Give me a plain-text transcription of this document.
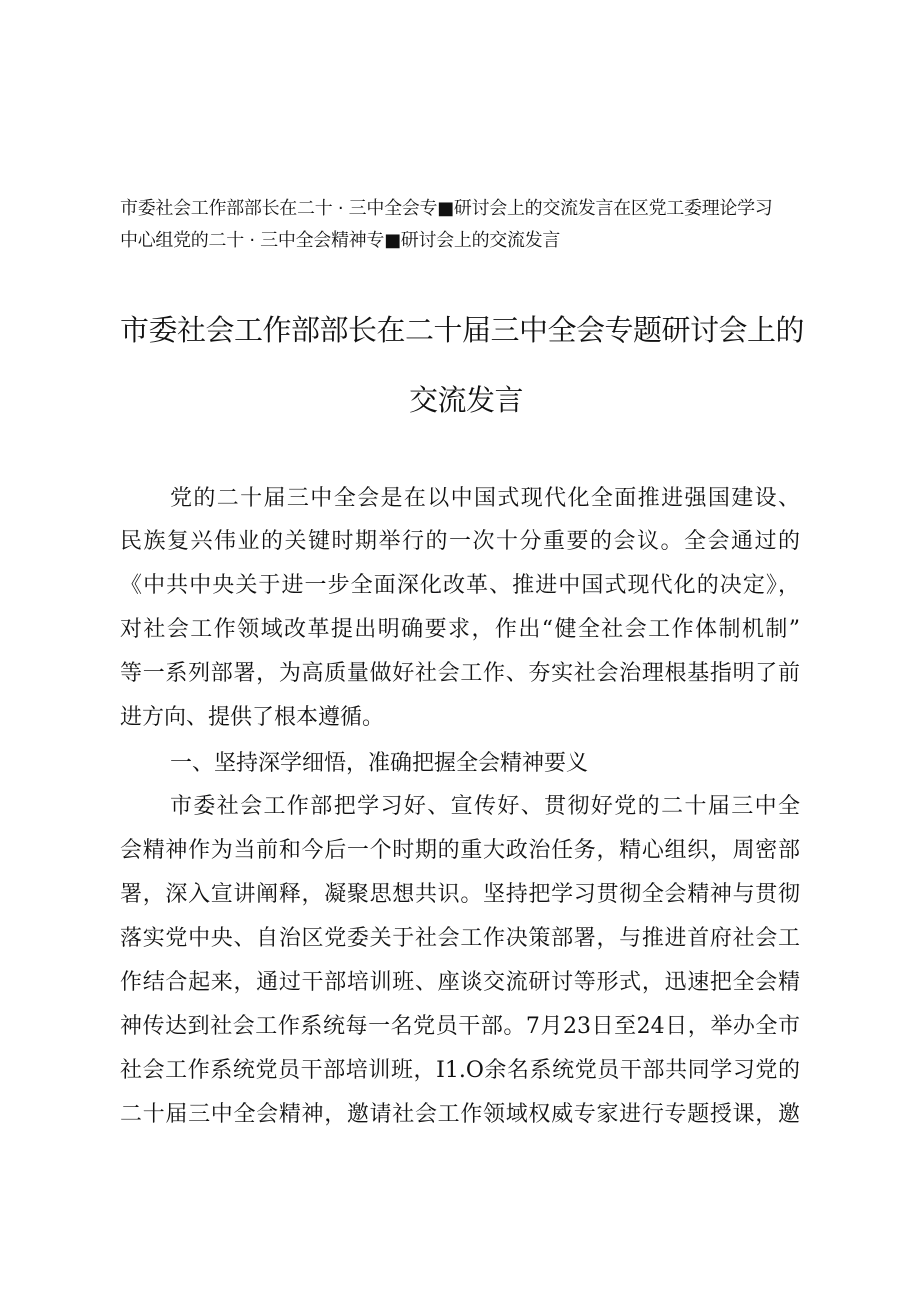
市委社会工作部部长在二十 · 三中全会专■研讨会上的交流发言在区党工委理论学习
中心组党的二十 · 三中全会精神专■研讨会上的交流发言
市委社会工作部部长在二十届三中全会专题研讨会上的
交流发言
党的二十届三中全会是在以中国式现代化全面推进强国建设、
民族复兴伟业的关键时期举行的一次十分重要的会议。全会通过的
《中共中央关于进一步全面深化改革、推进中国式现代化的决定》，
对社会工作领域改革提出明确要求，作出“健全社会工作体制机制”
等一系列部署，为高质量做好社会工作、夯实社会治理根基指明了前
进方向、提供了根本遵循。
一、坚持深学细悟，准确把握全会精神要义
市委社会工作部把学习好、宣传好、贯彻好党的二十届三中全
会精神作为当前和今后一个时期的重大政治任务，精心组织，周密部
署，深入宣讲阐释，凝聚思想共识。坚持把学习贯彻全会精神与贯彻
落实党中央、自治区党委关于社会工作决策部署，与推进首府社会工
作结合起来，通过干部培训班、座谈交流研讨等形式，迅速把全会精
神传达到社会工作系统每一名党员干部。7月23日至24日，举办全市
社会工作系统党员干部培训班，I1.O余名系统党员干部共同学习党的
二十届三中全会精神，邀请社会工作领域权威专家进行专题授课，邀
